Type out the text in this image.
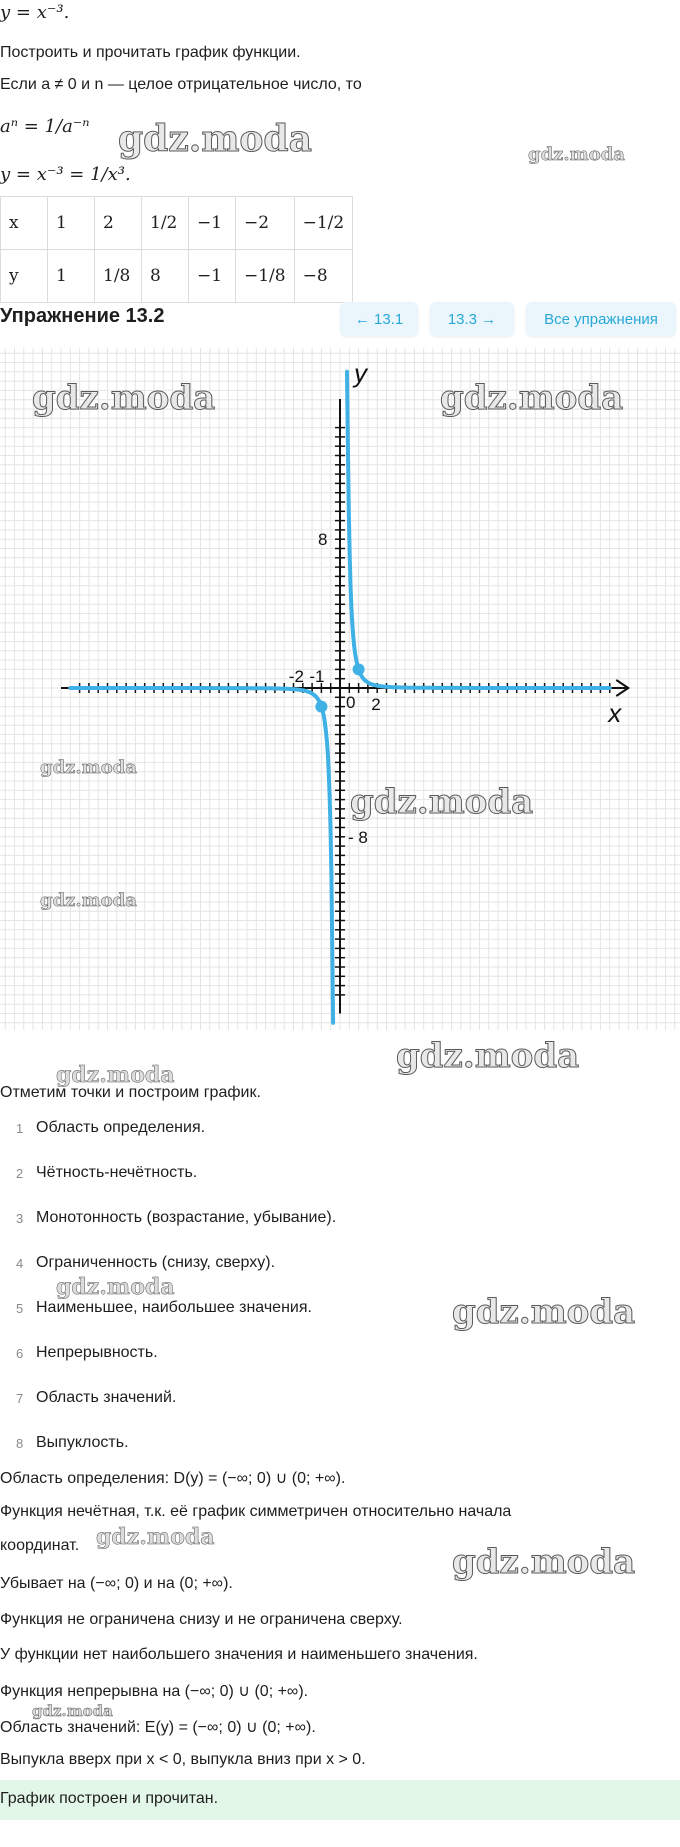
y = x⁻³.
Построить и прочитать график функции.
Если a ≠ 0 и n — целое отрицательное число, то
aⁿ = 1/a⁻ⁿ
y = x⁻³ = 1/x³.
gdz.moda	gdz.moda
x	1	2	1/2	−1	−2	−1/2
y	1	1/8	8	−1	−1/8	−8
Упражнение 13.2	← 13.1	13.3 →	Все упражнения
y
x
8
- 8
2
-2 -1
0
gdz.moda	gdz.moda
gdz.moda
gdz.moda
gdz.moda
gdz.moda
gdz.moda
Отметим точки и построим график.
1 Область определения.
2 Чётность-нечётность.
3 Монотонность (возрастание, убывание).
4 Ограниченность (снизу, сверху).
5 Наименьшее, наибольшее значения.
6 Непрерывность.
7 Область значений.
8 Выпуклость.
gdz.moda
gdz.moda
Область определения: D(y) = (−∞; 0) ∪ (0; +∞).
Функция нечётная, т.к. её график симметричен относительно начала
координат. gdz.moda
gdz.moda
Убывает на (−∞; 0) и на (0; +∞).
Функция не ограничена снизу и не ограничена сверху.
У функции нет наибольшего значения и наименьшего значения.
Функция непрерывна на (−∞; 0) ∪ (0; +∞).
gdz.moda
Область значений: E(y) = (−∞; 0) ∪ (0; +∞).
Выпукла вверх при x < 0, выпукла вниз при x > 0.
График построен и прочитан.
